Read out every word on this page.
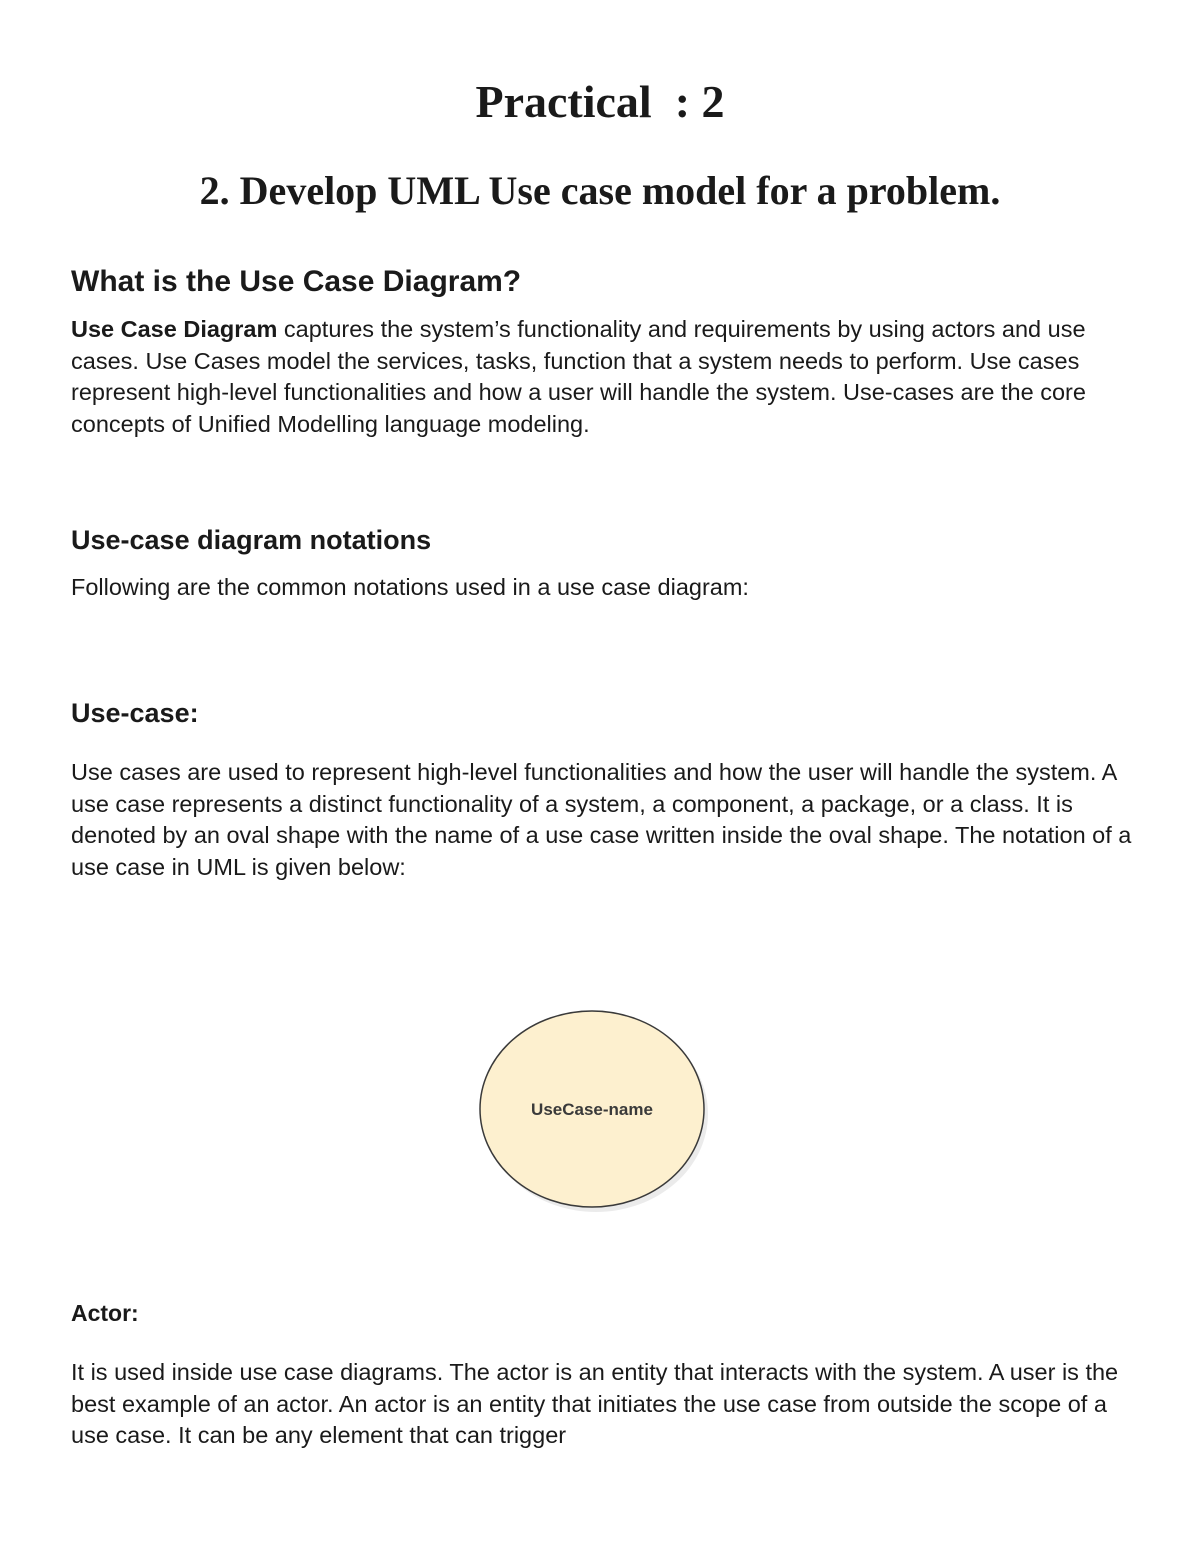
Practical  : 2
2. Develop UML Use case model for a problem.
What is the Use Case Diagram?

Use Case Diagram captures the system’s functionality and requirements by using actors and use cases. Use Cases model the services, tasks, function that a system needs to perform. Use cases represent high-level functionalities and how a user will handle the system. Use-cases are the core concepts of Unified Modelling language modeling.

Use-case diagram notations

Following are the common notations used in a use case diagram:

Use-case:

Use cases are used to represent high-level functionalities and how the user will handle the system. A use case represents a distinct functionality of a system, a component, a package, or a class. It is denoted by an oval shape with the name of a use case written inside the oval shape. The notation of a use case in UML is given below:

UseCase-name
Actor:

It is used inside use case diagrams. The actor is an entity that interacts with the system. A user is the best example of an actor. An actor is an entity that initiates the use case from outside the scope of a use case. It can be any element that can trigger
